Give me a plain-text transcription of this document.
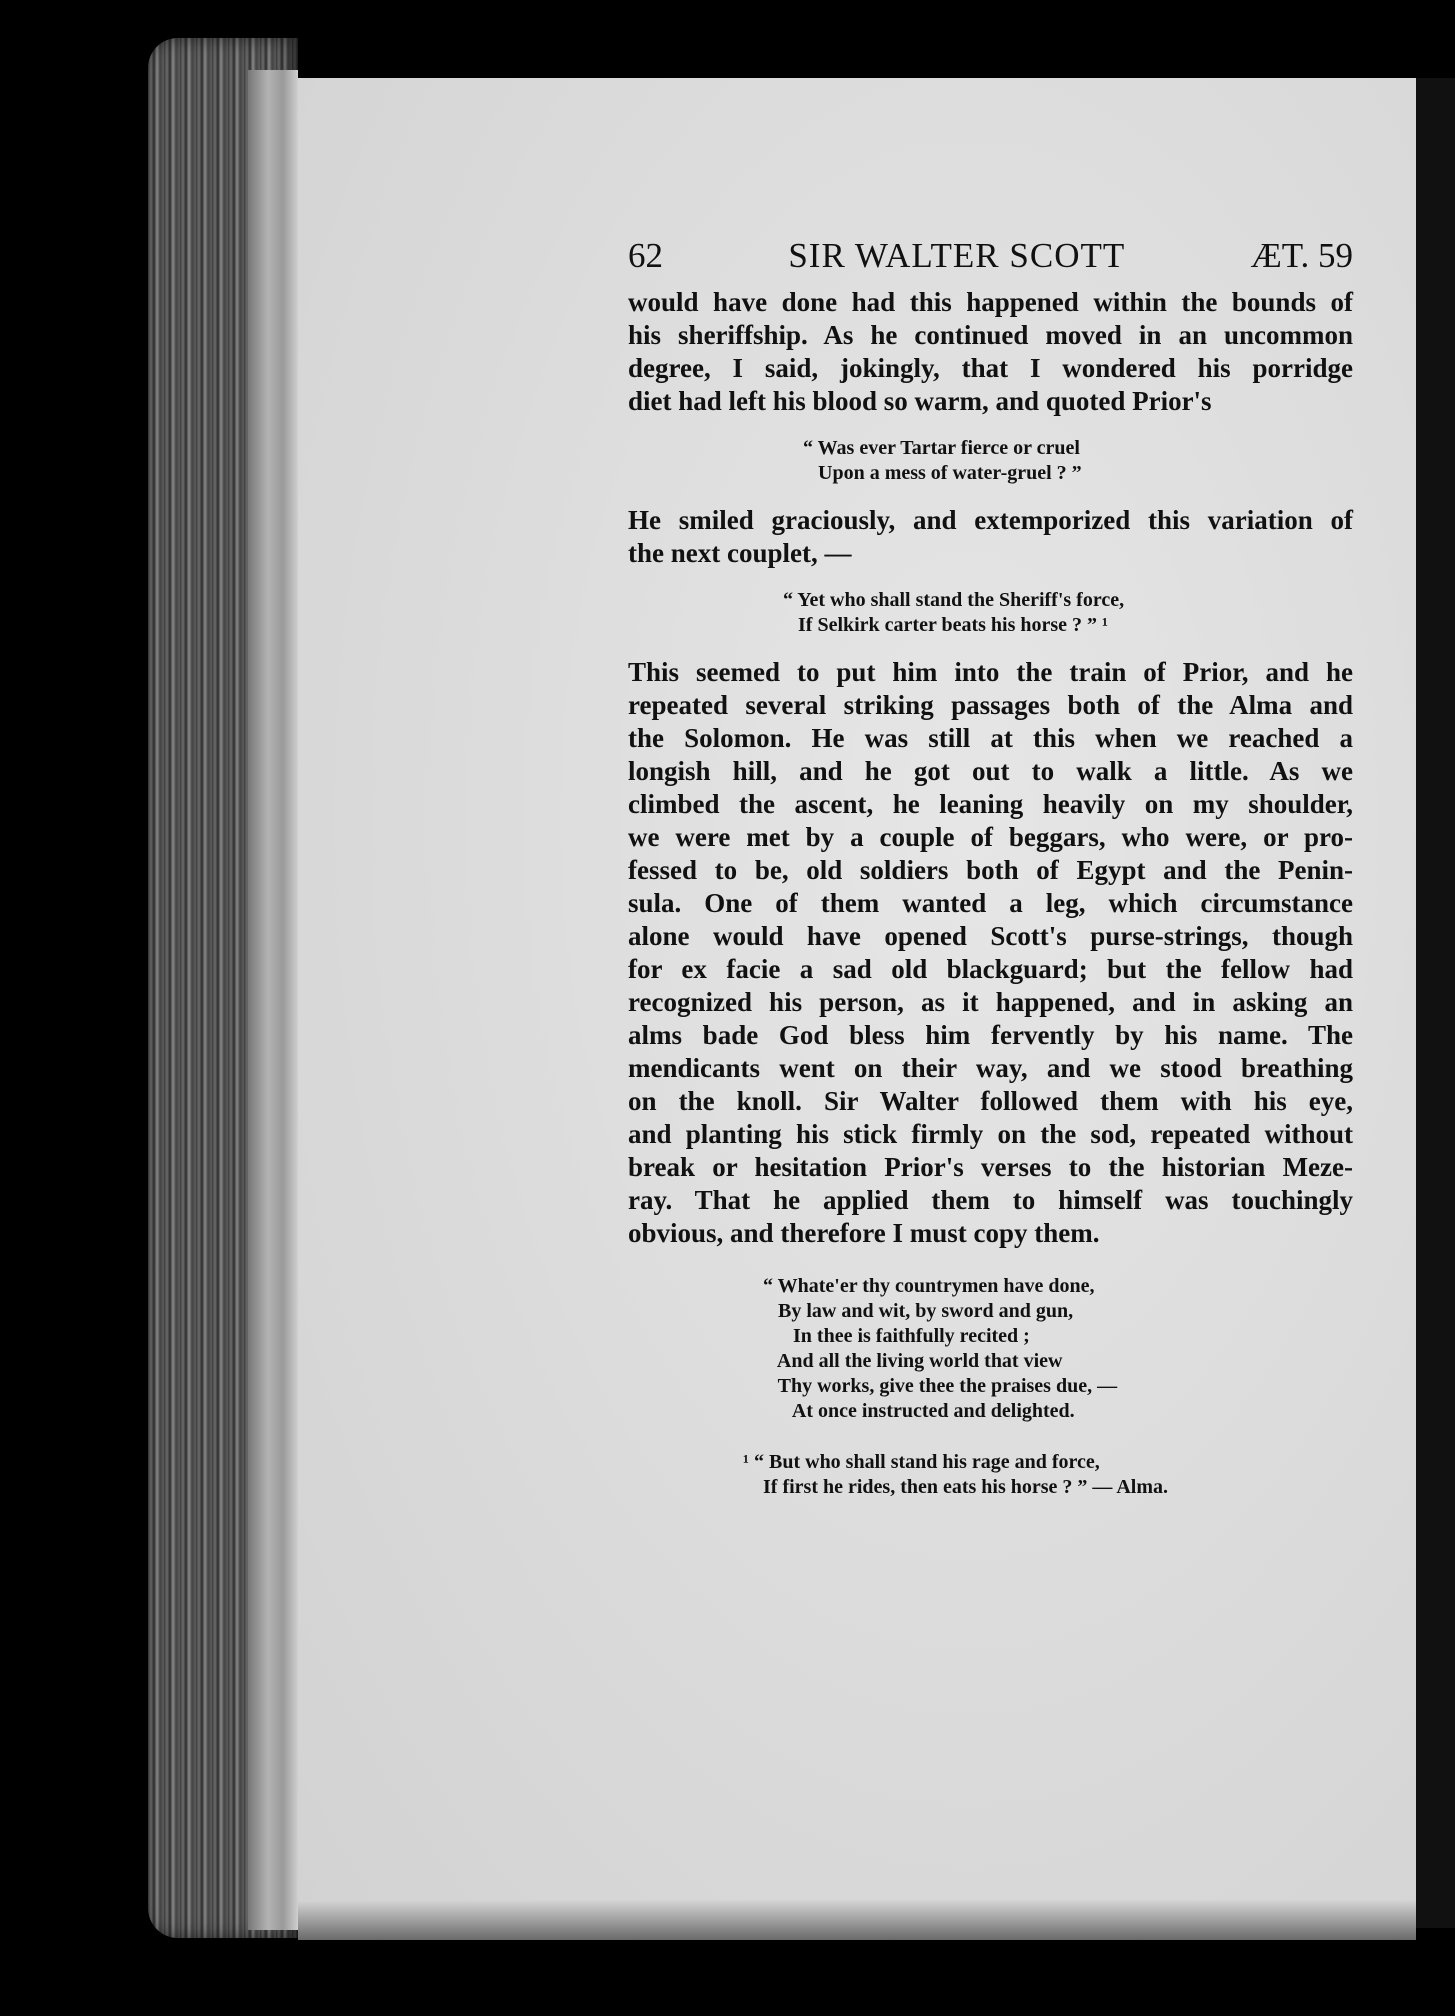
62	SIR WALTER SCOTT	ÆT. 59
would have done had this happened within the bounds of
his sheriffship. As he continued moved in an uncommon
degree, I said, jokingly, that I wondered his porridge
diet had left his blood so warm, and quoted Prior's
“ Was ever Tartar fierce or cruel
Upon a mess of water-gruel ? ”
He smiled graciously, and extemporized this variation of
the next couplet, —
“ Yet who shall stand the Sheriff's force,
If Selkirk carter beats his horse ? ” ¹
This seemed to put him into the train of Prior, and he
repeated several striking passages both of the Alma and
the Solomon. He was still at this when we reached a
longish hill, and he got out to walk a little. As we
climbed the ascent, he leaning heavily on my shoulder,
we were met by a couple of beggars, who were, or pro-
fessed to be, old soldiers both of Egypt and the Penin-
sula. One of them wanted a leg, which circumstance
alone would have opened Scott's purse-strings, though
for ex facie a sad old blackguard; but the fellow had
recognized his person, as it happened, and in asking an
alms bade God bless him fervently by his name. The
mendicants went on their way, and we stood breathing
on the knoll. Sir Walter followed them with his eye,
and planting his stick firmly on the sod, repeated without
break or hesitation Prior's verses to the historian Meze-
ray. That he applied them to himself was touchingly
obvious, and therefore I must copy them.
“ Whate'er thy countrymen have done,
By law and wit, by sword and gun,
In thee is faithfully recited ;
And all the living world that view
Thy works, give thee the praises due, —
At once instructed and delighted.
¹ “ But who shall stand his rage and force,
If first he rides, then eats his horse ? ” — Alma.
